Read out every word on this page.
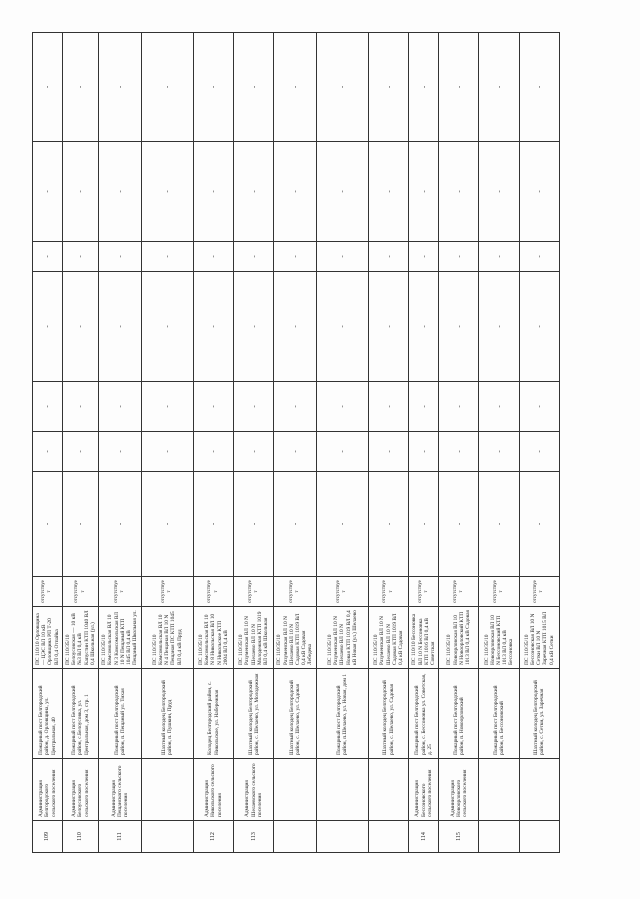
109	Администрация Белгородского сельского поселения	Пожарный пост Белгородский район, д. Орловщина, ул. Центральная, 40	ПС 110/10 Орловщина — ЦЭС ВЛ 10 кВ Орловщина РП Т-20 ВЛ 0,4 Отпайка	отсутствует	-	-	-	-	-	-	-
110	Администрация Белоусовского сельского поселения	Пожарный пост Белгородский район, с.Белоусовка, ул. Центральная, дом 3, стр. 1	ПС 110/35/10 Белоусовская — 10 кВ №3 ВЛ 0,4 кВ Капустин КТП 1040 ВЛ 0,4 Школьная (ул.)	отсутствует	-	-	-	-	-	-	-
111	Администрация Пещанского сельского поселения	Пожарный пост Белгородский район, п. Пещаный ул. Тихая	ПС 110/35/10 Комсомольская ВЛ 10 N 3 Комсомольская ВЛ 10 N Пещаный КТП 1045 ВЛ 0,4 кВ Пещаный Школьная ул.	отсутствует	-	-	-	-	-	-	-
		Шахтный колодец Белгородский район, п. Пушкин, Пруд	ПС 110/35/10 Комсомольская ВЛ 10 N 4 Пещаная ВЛ 10 N Пещаная ПС КТП 1045 ВЛ 0,4 кВ Пруд	отсутствует	-	-	-	-	-	-	-
112	Администрация Никольского сельского поселения	Колодец Белгородский район, с. Никольское, ул. Набережная	ПС 110/35/10 Комсомольская ВЛ 10 N 8 Никольская ВЛ 10 N Никольское КТП 2004 ВЛ 0,4 кВ	отсутствует	-	-	-	-	-	-	-
113	Администрация Шелаевского сельского поселения	Шахтный колодец Белгородский район, с. Шелаево, ул. Молодежная	ПС 110/35/10 Разуменская ВЛ 10 N Шелаево ВЛ 10 N Молодежная КТП 1019 ВЛ 0,4 кВ Школьная	отсутствует	-	-	-	-	-	-	-
		Шахтный колодец Белгородский район, с. Шелаево, ул. Садовая	ПС 110/35/10 Разуменская ВЛ 10 N Шелаево ВЛ 10 N Садовая КТП 1019 ВЛ 0,4 кВ Садовая Лебедева	отсутствует	-	-	-	-	-	-	-
		Пожарный пост Белгородский район, п.Шелаево, ул. Новая, дом 1	ПС 110/35/10 Разуменская ВЛ 10 N Шелаево ВЛ 10 N Новая КТП 1019 ВЛ 0,4 кВ Новая (ул.) Шелаево	отсутствует	-	-	-	-	-	-	-
		Шахтный колодец Белгородский район, с. Шелаево, ул. Садовая	ПС 110/35/10 Разуменская ВЛ 10 N Шелаево ВЛ 10 N Садовая КТП 1019 ВЛ 0,4 кВ Садовая	отсутствует	-	-	-	-	-	-	-
114	Администрация Бессоновского сельского поселения	Пожарный пост Белгородский район, с. Бессоновка ул. Советская, д. 25	ПС 110/10 Бессоновка ВЛ 10 N Бессоновка КТП 1016 ВЛ 0,4 кВ Советская	отсутствует	-	-	-	-	-	-	-
115	Администрация Новоорловского сельского поселения	Пожарный пост Белгородский район, п. Новоорловский	ПС 110/35/10 Новоорловская ВЛ 10 N Новоорловский КТП 1013 ВЛ 0,4 кВ Садовая	отсутствует	-	-	-	-	-	-	-
		Пожарный пост Белгородский район, п. Бессоновский	ПС 110/35/10 Новоорловская ВЛ 10 N Бессоновский КТП 1013 ВЛ 0,4 кВ Бессоновка	отсутствует	-	-	-	-	-	-	-
		Шахтный колодец Белгородский район, с. Сетки, ул. Заречная	ПС 110/35/10 Бессоновская ВЛ 10 N Сетки ВЛ 10 N Заречная КТП 1015 ВЛ 0,4 кВ Сетки	отсутствует	-	-	-	-	-	-	-
